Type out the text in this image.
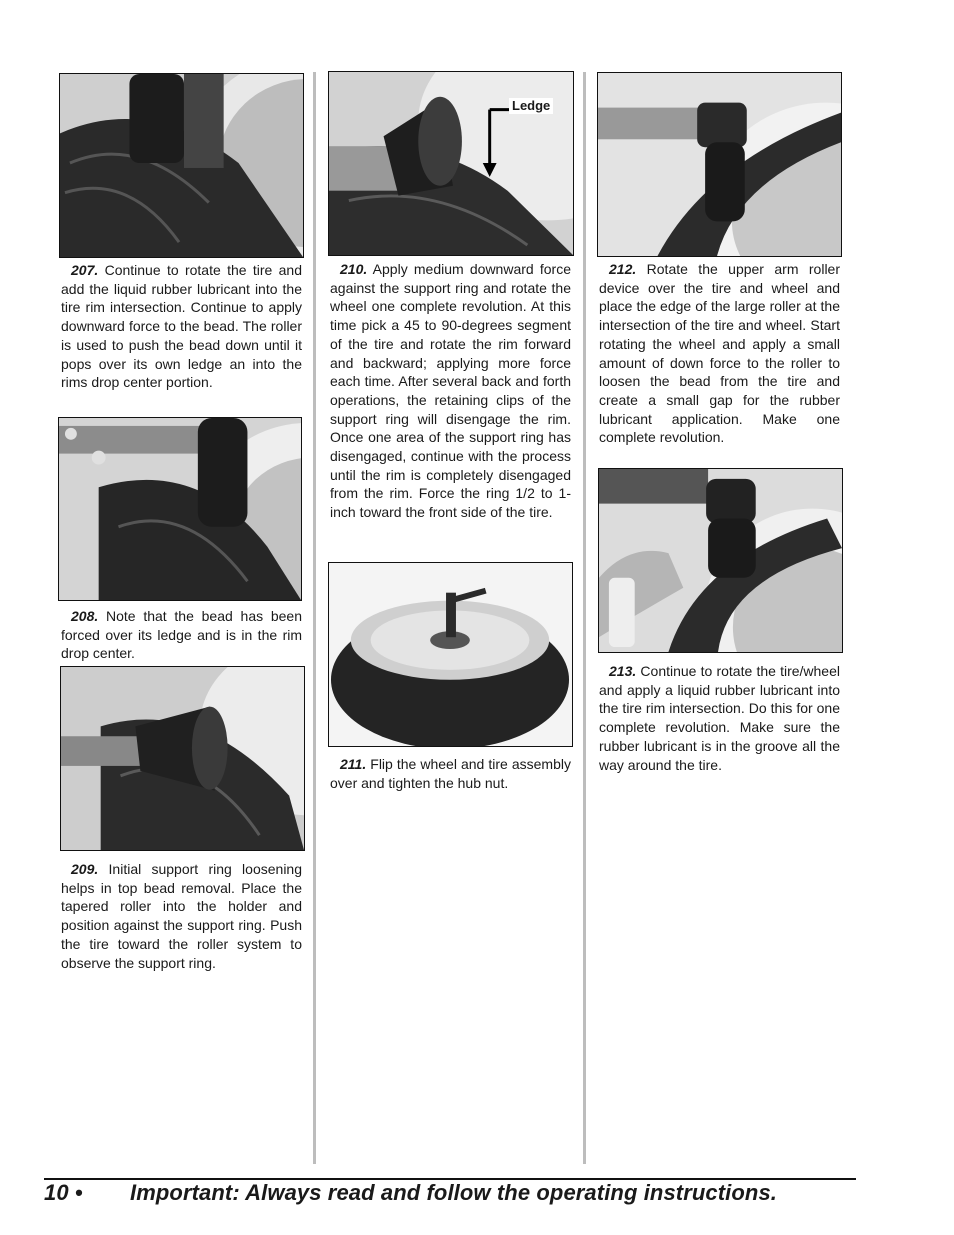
207. Continue to rotate the tire and add the liquid rubber lubricant into the tire rim intersection. Continue to apply downward force to the bead. The roller is used to push the bead down until it pops over its own ledge an into the rims drop center portion.

208. Note that the bead has been forced over its ledge and is in the rim drop center.

209. Initial support ring loosening helps in top bead removal. Place the tapered roller into the holder and position against the support ring. Push the tire toward the roller system to observe the support ring.

Ledge

210. Apply medium downward force against the support ring and rotate the wheel one complete revolution. At this time pick a 45 to 90-degrees segment of the tire and rotate the rim forward and backward; applying more force each time. After several back and forth operations, the retaining clips of the support ring will disengage the rim. Once one area of the support ring has disengaged, continue with the process until the rim is completely disengaged from the rim. Force the ring 1/2 to 1-inch toward the front side of the tire.

211. Flip the wheel and tire assembly over and tighten the hub nut.

212. Rotate the upper arm roller device over the tire and wheel and place the edge of the large roller at the intersection of the tire and wheel. Start rotating the wheel and apply a small amount of down force to the roller to loosen the bead from the tire and create a small gap for the rubber lubricant application. Make one complete revolution.

213. Continue to rotate the tire/wheel and apply a liquid rubber lubricant into the tire rim intersection. Do this for one complete revolution. Make sure the rubber lubricant is in the groove all the way around the tire.

10 • Important: Always read and follow the operating instructions.
